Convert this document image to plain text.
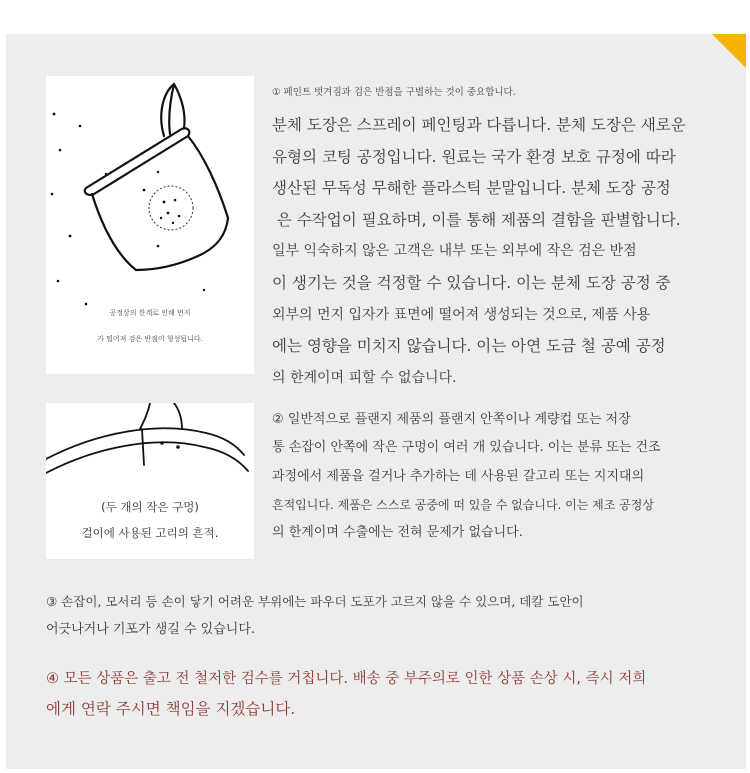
공정상의 한계로 인해 먼지
가 떨어져 검은 반점이 형성됩니다.
(두 개의 작은 구멍)
걸이에 사용된 고리의 흔적.
① 페인트 벗겨짐과 검은 반점을 구별하는 것이 중요합니다.
분체 도장은 스프레이 페인팅과 다릅니다. 분체 도장은 새로운
유형의 코팅 공정입니다. 원료는 국가 환경 보호 규정에 따라
생산된 무독성 무해한 플라스틱 분말입니다. 분체 도장 공정
은 수작업이 필요하며, 이를 통해 제품의 결함을 판별합니다.
일부 익숙하지 않은 고객은 내부 또는 외부에 작은 검은 반점
이 생기는 것을 걱정할 수 있습니다. 이는 분체 도장 공정 중
외부의 먼지 입자가 표면에 떨어져 생성되는 것으로, 제품 사용
에는 영향을 미치지 않습니다. 이는 아연 도금 철 공예 공정
의 한계이며 피할 수 없습니다.
② 일반적으로 플랜지 제품의 플랜지 안쪽이나 계량컵 또는 저장
통 손잡이 안쪽에 작은 구멍이 여러 개 있습니다. 이는 분류 또는 건조
과정에서 제품을 걸거나 추가하는 데 사용된 갈고리 또는 지지대의
흔적입니다. 제품은 스스로 공중에 떠 있을 수 없습니다. 이는 제조 공정상
의 한계이며 수출에는 전혀 문제가 없습니다.
③ 손잡이, 모서리 등 손이 닿기 어려운 부위에는 파우더 도포가 고르지 않을 수 있으며, 데칼 도안이
어긋나거나 기포가 생길 수 있습니다.
④ 모든 상품은 출고 전 철저한 검수를 거칩니다. 배송 중 부주의로 인한 상품 손상 시, 즉시 저희
에게 연락 주시면 책임을 지겠습니다.
